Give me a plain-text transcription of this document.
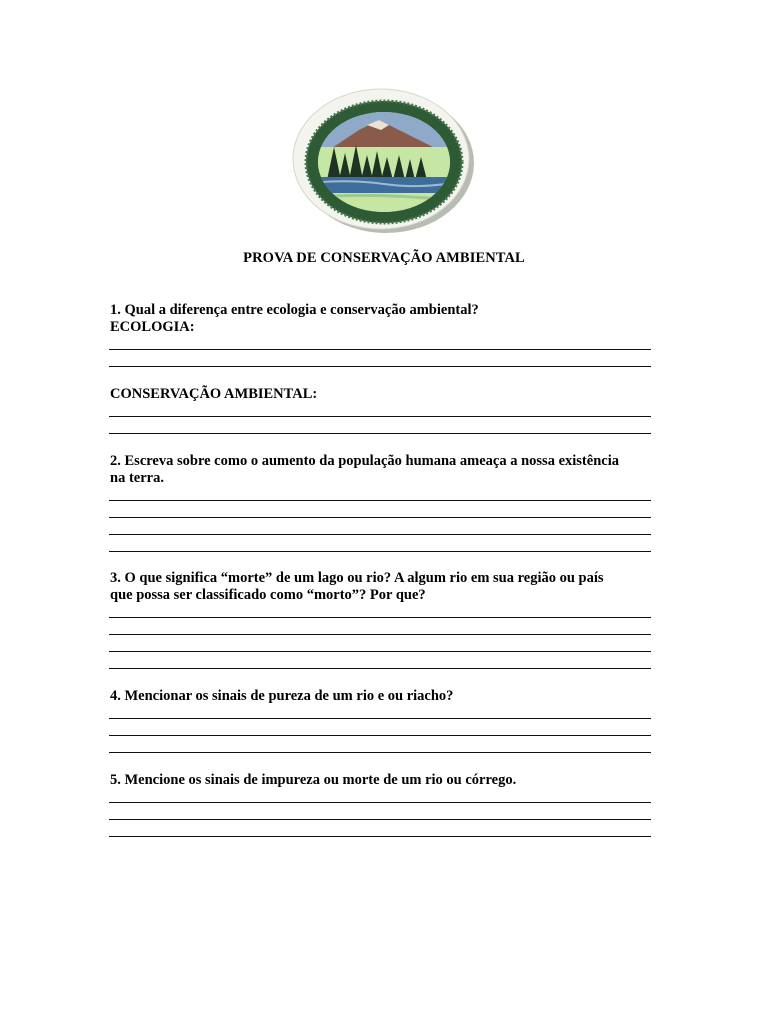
PROVA DE CONSERVAÇÃO AMBIENTAL
1. Qual a diferença entre ecologia e conservação ambiental?
ECOLOGIA:
CONSERVAÇÃO AMBIENTAL:
2. Escreva sobre como o aumento da população humana ameaça a nossa existência
na terra.
3. O que significa “morte” de um lago ou rio? A algum rio em sua região ou país
que possa ser classificado como “morto”? Por que?
4. Mencionar os sinais de pureza de um rio e ou riacho?
5. Mencione os sinais de impureza ou morte de um rio ou córrego.
